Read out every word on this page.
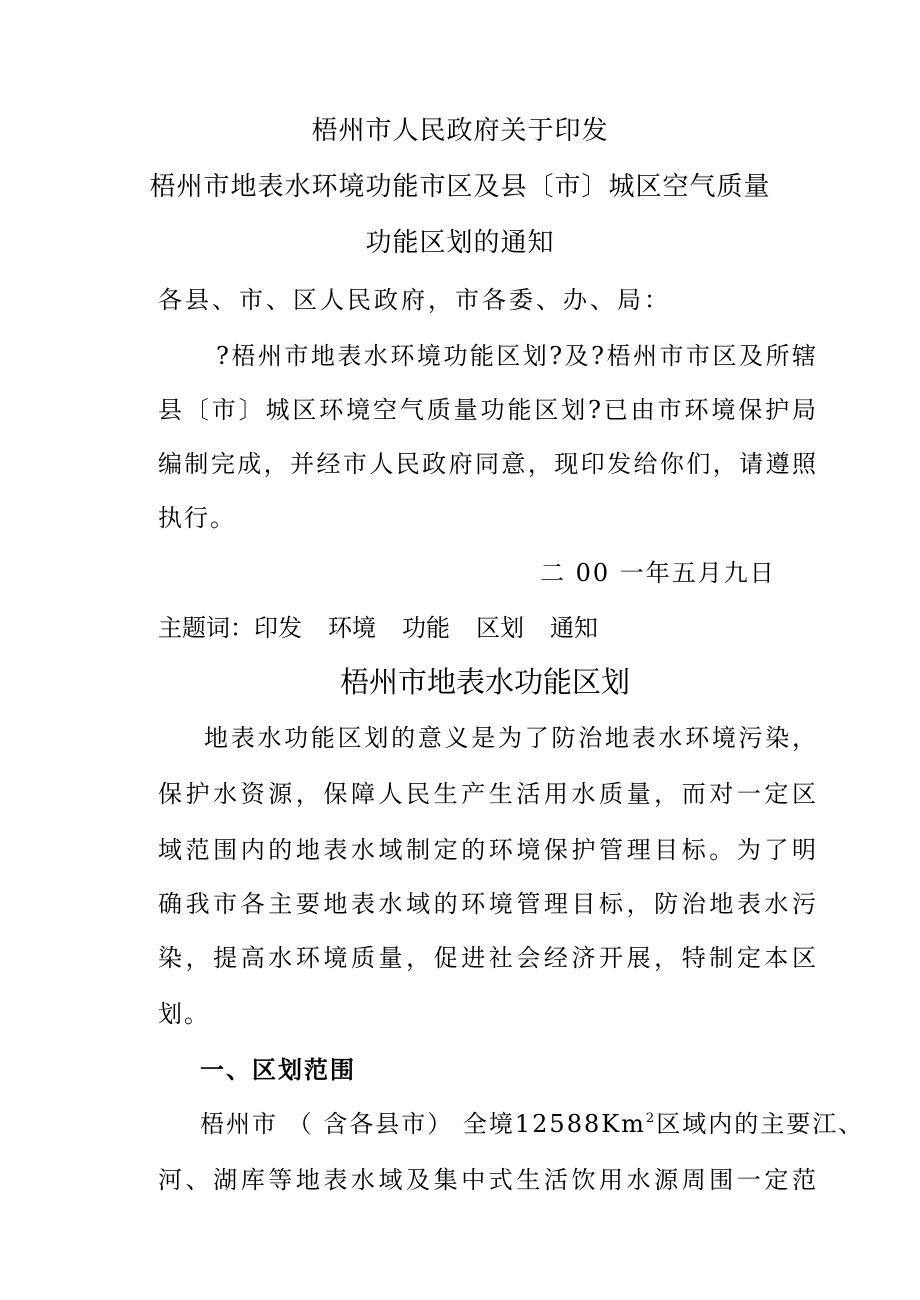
梧州市人民政府关于印发
梧州市地表水环境功能市区及县〔市〕城区空气质量
功能区划的通知
各县、市、区人民政府，市各委、办、局：
?梧州市地表水环境功能区划?及?梧州市市区及所辖
县〔市〕城区环境空气质量功能区划?已由市环境保护局
编制完成，并经市人民政府同意，现印发给你们，请遵照
执行。
二 00 一年五月九日
主题词：印发 环境 功能 区划 通知
梧州市地表水功能区划
地表水功能区划的意义是为了防治地表水环境污染，
保护水资源，保障人民生产生活用水质量，而对一定区
域范围内的地表水域制定的环境保护管理目标。为了明
确我市各主要地表水域的环境管理目标，防治地表水污
染，提高水环境质量，促进社会经济开展，特制定本区
划。
一、区划范围
梧州市 （ 含各县市） 全境12588Km$^2$区域内的主要江、
河、湖库等地表水域及集中式生活饮用水源周围一定范
